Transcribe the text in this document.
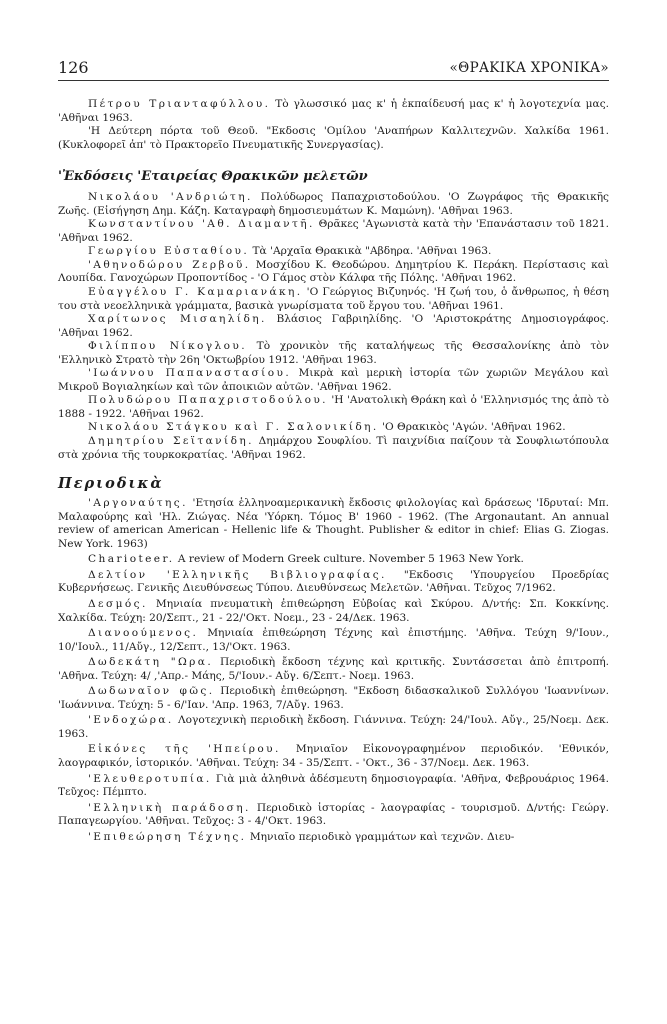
126	«ΘΡΑΚΙΚΑ ΧΡΟΝΙΚΑ»

Πέτρου Τριανταφύλλου. Τὸ γλωσσικό μας κ' ἡ ἐκπαίδευσή μας κ' ἡ λογοτεχνία μας. 'Αθῆναι 1963.

'Η Δεύτερη πόρτα τοῦ Θεοῦ. "Εκδοσις 'Ομίλου 'Αναπήρων Καλλιτεχνῶν. Χαλκίδα 1961. (Κυκλοφορεῖ ἀπ' τὸ Πρακτορεῖο Πνευματικῆς Συνεργασίας).

'Ἐκδόσεις 'Εταιρείας Θρακικῶν μελετῶν

Νικολάου 'Ανδριώτη. Πολύδωρος Παπαχριστοδούλου. 'Ο Ζωγράφος τῆς Θρακικῆς Ζωῆς. (Εἰσήγηση Δημ. Κάζη. Καταγραφὴ δημοσιευμάτων Κ. Μαμώνη). 'Αθῆναι 1963.

Κωνσταντίνου 'Αθ. Διαμαντῆ. Θρᾶκες 'Αγωνιστὰ κατὰ τὴν 'Επανάστασιν τοῦ 1821. 'Αθῆναι 1962.

Γεωργίου Εὐσταθίου. Τὰ 'Αρχαῖα Θρακικὰ "Αβδηρα. 'Αθῆναι 1963.

'Αθηνοδώρου Ζερβοῦ. Μοσχίδου Κ. Θεοδώρου. Δημητρίου Κ. Περάκη. Περίστασις καὶ Λουπίδα. Γανοχώρων Προποντίδος - 'Ο Γάμος στὸν Κάλφα τῆς Πόλης. 'Αθῆναι 1962.

Εὐαγγέλου Γ. Καμαριανάκη. 'Ο Γεώργιος Βιζυηνός. 'Η ζωή του, ὁ ἄνθρωπος, ἡ θέση του στὰ νεοελληνικὰ γράμματα, βασικὰ γνωρίσματα τοῦ ἔργου του. 'Αθῆναι 1961.

Χαρίτωνος Μισαηλίδη. Βλάσιος Γαβριηλίδης. 'Ο 'Αριστοκράτης Δημοσιογράφος. 'Αθῆναι 1962.

Φιλίππου Νίκογλου. Τὸ χρονικὸν τῆς καταλήψεως τῆς Θεσσαλονίκης ἀπὸ τὸν 'Ελληνικὸ Στρατὸ τὴν 26η 'Οκτωβρίου 1912. 'Αθῆναι 1963.

'Ιωάννου Παπαναστασίου. Μικρὰ καὶ μερικὴ ἱστορία τῶν χωριῶν Μεγάλου καὶ Μικροῦ Βογιαληκίων καὶ τῶν ἀποικιῶν αὐτῶν. 'Αθῆναι 1962.

Πολυδώρου Παπαχριστοδούλου. 'Η 'Ανατολικὴ Θράκη καὶ ὁ 'Ελληνισμός της ἀπὸ τὸ 1888 - 1922. 'Αθῆναι 1962.

Νικολάου Στάγκου καὶ Γ. Σαλονικίδη. 'Ο Θρακικὸς 'Αγών. 'Αθῆναι 1962.

Δημητρίου Σεϊτανίδη. Δημάρχου Σουφλίου. Τὶ παιχνίδια παίζουν τὰ Σουφλιωτόπουλα στὰ χρόνια τῆς τουρκοκρατίας. 'Αθῆναι 1962.

Περιοδικὰ

'Αργοναύτης. 'Ετησία ἑλληνοαμερικανικὴ ἔκδοσις φιλολογίας καὶ δράσεως 'Ιδρυταί: Μπ. Μαλαφούρης καὶ 'Ηλ. Ζιώγας. Νέα 'Υόρκη. Τόμος Β' 1960 - 1962. (The Argonautant. An annual review of american American - Hellenic life & Thought. Publisher & editor in chief: Elias G. Ziogas. New York. 1963)

Charioteer. A review of Modern Greek culture. November 5 1963 New York.

Δελτίον 'Ελληνικῆς Βιβλιογραφίας. "Εκδοσις 'Υπουργείου Προεδρίας Κυβερνήσεως. Γενικῆς Διευθύνσεως Τύπου. Διευθύνσεως Μελετῶν. 'Αθῆναι. Τεῦχος 7/1962.

Δεσμός. Μηνιαία πνευματικὴ ἐπιθεώρηση Εὐβοίας καὶ Σκύρου. Δ/ντής: Σπ. Κοκκίνης. Χαλκίδα. Τεύχη: 20/Σεπτ., 21 - 22/'Οκτ. Νοεμ., 23 - 24/Δεκ. 1963.

Διανοούμενος. Μηνιαία ἐπιθεώρηση Τέχνης καὶ ἐπιστήμης. 'Αθῆνα. Τεύχη 9/'Ιουν., 10/'Ιουλ., 11/Αὔγ., 12/Σεπτ., 13/'Οκτ. 1963.

Δωδεκάτη "Ωρα. Περιοδικὴ ἔκδοση τέχνης καὶ κριτικῆς. Συντάσσεται ἀπὸ ἐπιτροπή. 'Αθῆνα. Τεύχη: 4/ ,'Απρ.- Μάης, 5/'Ιουν.- Αὔγ. 6/Σεπτ.- Νοεμ. 1963.

Δωδωναῖον φῶς. Περιοδικὴ ἐπιθεώρηση. "Εκδοση διδασκαλικοῦ Συλλόγου 'Ιωαννίνων. 'Ιωάννινα. Τεύχη: 5 - 6/'Ιαν. 'Απρ. 1963, 7/Αὔγ. 1963.

'Ενδοχώρα. Λογοτεχνικὴ περιοδικὴ ἔκδοση. Γιάννινα. Τεύχη: 24/'Ιουλ. Αὔγ., 25/Νοεμ. Δεκ. 1963.

Εἰκόνες τῆς 'Ηπείρου. Μηνιαῖον Εἰκονογραφημένον περιοδικόν. 'Εθνικόν, λαογραφικόν, ἱστορικόν. 'Αθῆναι. Τεύχη: 34 - 35/Σεπτ. - 'Οκτ., 36 - 37/Νοεμ. Δεκ. 1963.

'Ελευθεροτυπία. Γιὰ μιὰ ἀληθινὰ ἀδέσμευτη δημοσιογραφία. 'Αθῆνα, Φεβρουάριος 1964. Τεῦχος: Πέμπτο.

'Ελληνικὴ παράδοση. Περιοδικὸ ἱστορίας - λαογραφίας - τουρισμοῦ. Δ/ντής: Γεώργ. Παπαγεωργίου. 'Αθῆναι. Τεῦχος: 3 - 4/'Οκτ. 1963.

'Επιθεώρηση Τέχνης. Μηνιαῖο περιοδικὸ γραμμάτων καὶ τεχνῶν. Διευ-
